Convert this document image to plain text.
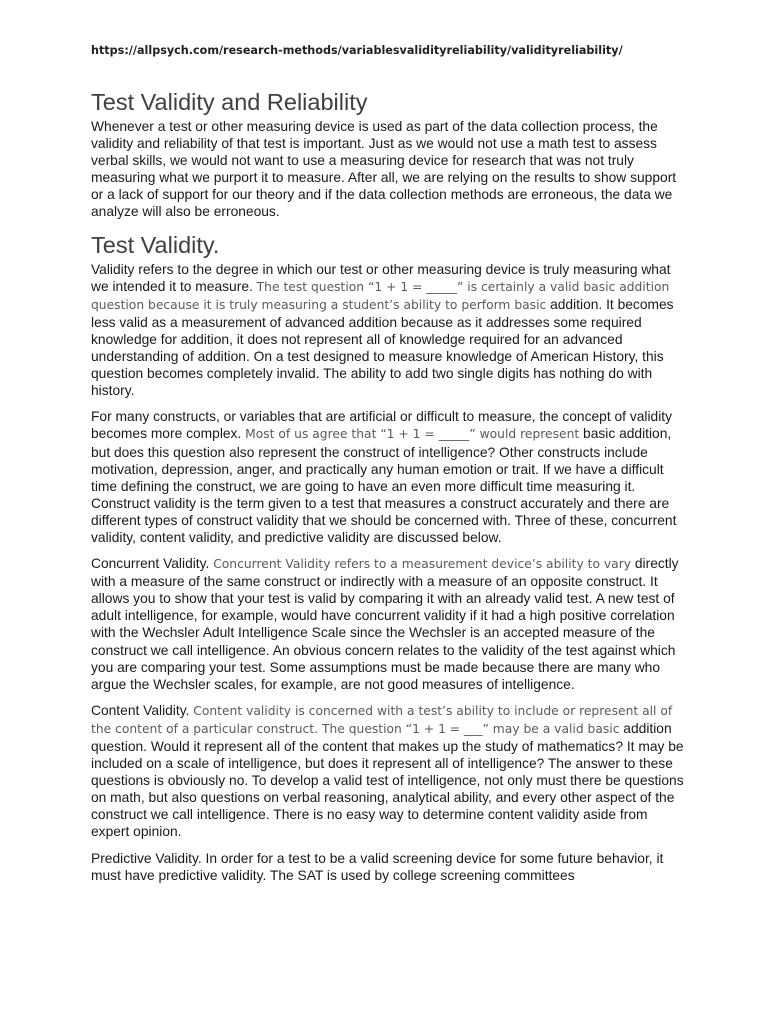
https://allpsych.com/research-methods/variablesvalidityreliability/validityreliability/
Test Validity and Reliability

Whenever a test or other measuring device is used as part of the data collection process, the validity and reliability of that test is important. Just as we would not use a math test to assess verbal skills, we would not want to use a measuring device for research that was not truly measuring what we purport it to measure. After all, we are relying on the results to show support or a lack of support for our theory and if the data collection methods are erroneous, the data we analyze will also be erroneous.

Test Validity.

Validity refers to the degree in which our test or other measuring device is truly measuring what we intended it to measure. The test question “1 + 1 = _____” is certainly a valid basic addition question because it is truly measuring a student’s ability to perform basic addition. It becomes less valid as a measurement of advanced addition because as it addresses some required knowledge for addition, it does not represent all of knowledge required for an advanced understanding of addition. On a test designed to measure knowledge of American History, this question becomes completely invalid. The ability to add two single digits has nothing do with history.

For many constructs, or variables that are artificial or difficult to measure, the concept of validity becomes more complex. Most of us agree that “1 + 1 = _____” would represent basic addition, but does this question also represent the construct of intelligence? Other constructs include motivation, depression, anger, and practically any human emotion or trait. If we have a difficult time defining the construct, we are going to have an even more difficult time measuring it. Construct validity is the term given to a test that measures a construct accurately and there are different types of construct validity that we should be concerned with. Three of these, concurrent validity, content validity, and predictive validity are discussed below.

Concurrent Validity. Concurrent Validity refers to a measurement device’s ability to vary directly with a measure of the same construct or indirectly with a measure of an opposite construct. It allows you to show that your test is valid by comparing it with an already valid test. A new test of adult intelligence, for example, would have concurrent validity if it had a high positive correlation with the Wechsler Adult Intelligence Scale since the Wechsler is an accepted measure of the construct we call intelligence. An obvious concern relates to the validity of the test against which you are comparing your test. Some assumptions must be made because there are many who argue the Wechsler scales, for example, are not good measures of intelligence.

Content Validity. Content validity is concerned with a test’s ability to include or represent all of the content of a particular construct. The question “1 + 1 = ___” may be a valid basic addition question. Would it represent all of the content that makes up the study of mathematics? It may be included on a scale of intelligence, but does it represent all of intelligence? The answer to these questions is obviously no. To develop a valid test of intelligence, not only must there be questions on math, but also questions on verbal reasoning, analytical ability, and every other aspect of the construct we call intelligence. There is no easy way to determine content validity aside from expert opinion.

Predictive Validity. In order for a test to be a valid screening device for some future behavior, it must have predictive validity. The SAT is used by college screening committees
